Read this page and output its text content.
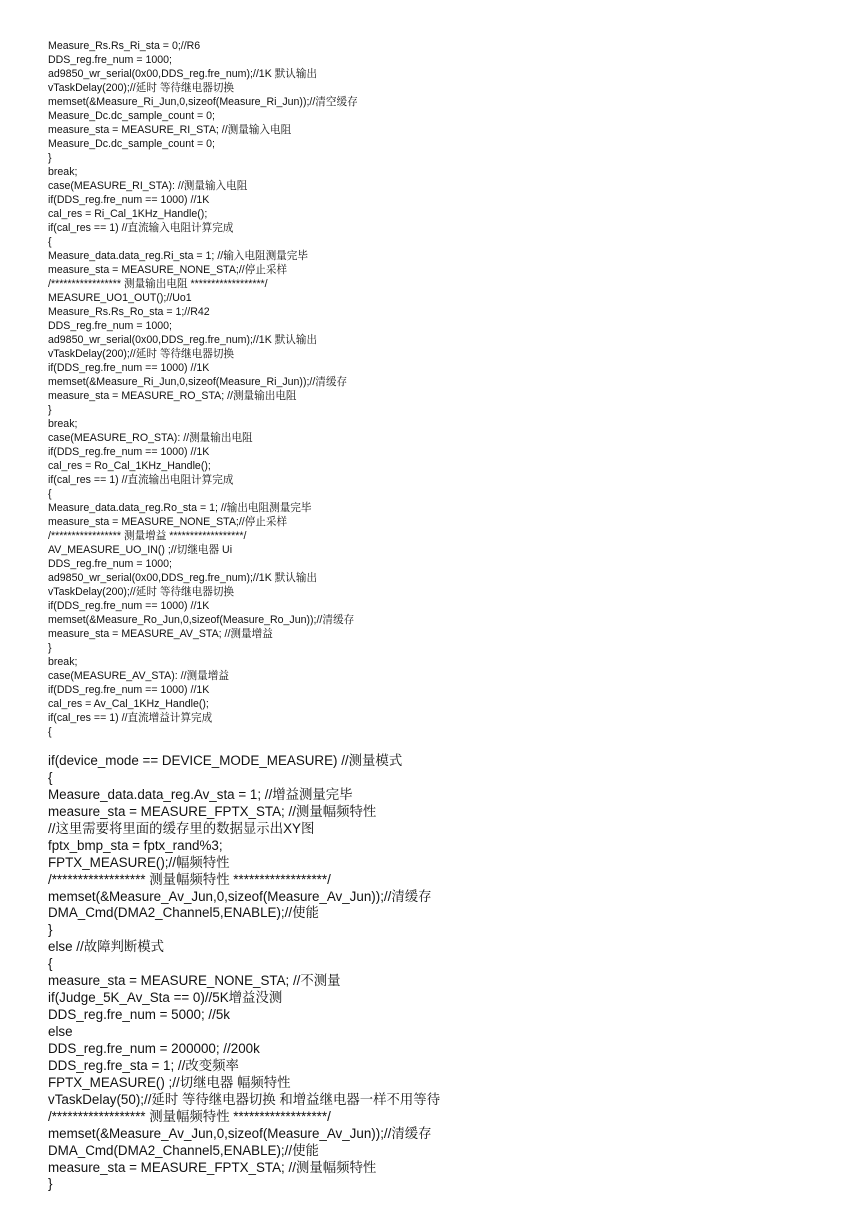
Measure_Rs.Rs_Ri_sta = 0;//R6
DDS_reg.fre_num = 1000;
ad9850_wr_serial(0x00,DDS_reg.fre_num);//1K 默认输出
vTaskDelay(200);//延时 等待继电器切换
memset(&Measure_Ri_Jun,0,sizeof(Measure_Ri_Jun));//清空缓存
Measure_Dc.dc_sample_count = 0;
measure_sta = MEASURE_RI_STA; //测量输入电阻
Measure_Dc.dc_sample_count = 0;
}
break;
case(MEASURE_RI_STA): //测量输入电阻
if(DDS_reg.fre_num == 1000) //1K
cal_res = Ri_Cal_1KHz_Handle();
if(cal_res == 1) //直流输入电阻计算完成
{
Measure_data.data_reg.Ri_sta = 1; //输入电阻测量完毕
measure_sta = MEASURE_NONE_STA;//停止采样
/***************** 测量输出电阻 ******************/
MEASURE_UO1_OUT();//Uo1
Measure_Rs.Rs_Ro_sta = 1;//R42
DDS_reg.fre_num = 1000;
ad9850_wr_serial(0x00,DDS_reg.fre_num);//1K 默认输出
vTaskDelay(200);//延时 等待继电器切换
if(DDS_reg.fre_num == 1000) //1K
memset(&Measure_Ri_Jun,0,sizeof(Measure_Ri_Jun));//清缓存
measure_sta = MEASURE_RO_STA; //测量输出电阻
}
break;
case(MEASURE_RO_STA): //测量输出电阻
if(DDS_reg.fre_num == 1000) //1K
cal_res = Ro_Cal_1KHz_Handle();
if(cal_res == 1) //直流输出电阻计算完成
{
Measure_data.data_reg.Ro_sta = 1; //输出电阻测量完毕
measure_sta = MEASURE_NONE_STA;//停止采样
/***************** 测量增益 ******************/
AV_MEASURE_UO_IN() ;//切继电器 Ui
DDS_reg.fre_num = 1000;
ad9850_wr_serial(0x00,DDS_reg.fre_num);//1K 默认输出
vTaskDelay(200);//延时 等待继电器切换
if(DDS_reg.fre_num == 1000) //1K
memset(&Measure_Ro_Jun,0,sizeof(Measure_Ro_Jun));//清缓存
measure_sta = MEASURE_AV_STA; //测量增益
}
break;
case(MEASURE_AV_STA): //测量增益
if(DDS_reg.fre_num == 1000) //1K
cal_res = Av_Cal_1KHz_Handle();
if(cal_res == 1) //直流增益计算完成
{
if(device_mode == DEVICE_MODE_MEASURE) //测量模式
{
Measure_data.data_reg.Av_sta = 1; //增益测量完毕
measure_sta = MEASURE_FPTX_STA; //测量幅频特性
//这里需要将里面的缓存里的数据显示出XY图
fptx_bmp_sta = fptx_rand%3;
FPTX_MEASURE();//幅频特性
/****************** 测量幅频特性 ******************/
memset(&Measure_Av_Jun,0,sizeof(Measure_Av_Jun));//清缓存
DMA_Cmd(DMA2_Channel5,ENABLE);//使能
}
else //故障判断模式
{
measure_sta = MEASURE_NONE_STA; //不测量
if(Judge_5K_Av_Sta == 0)//5K增益没测
DDS_reg.fre_num = 5000; //5k
else
DDS_reg.fre_num = 200000; //200k
DDS_reg.fre_sta = 1; //改变频率
FPTX_MEASURE() ;//切继电器 幅频特性
vTaskDelay(50);//延时 等待继电器切换 和增益继电器一样不用等待
/****************** 测量幅频特性 ******************/
memset(&Measure_Av_Jun,0,sizeof(Measure_Av_Jun));//清缓存
DMA_Cmd(DMA2_Channel5,ENABLE);//使能
measure_sta = MEASURE_FPTX_STA; //测量幅频特性
}
